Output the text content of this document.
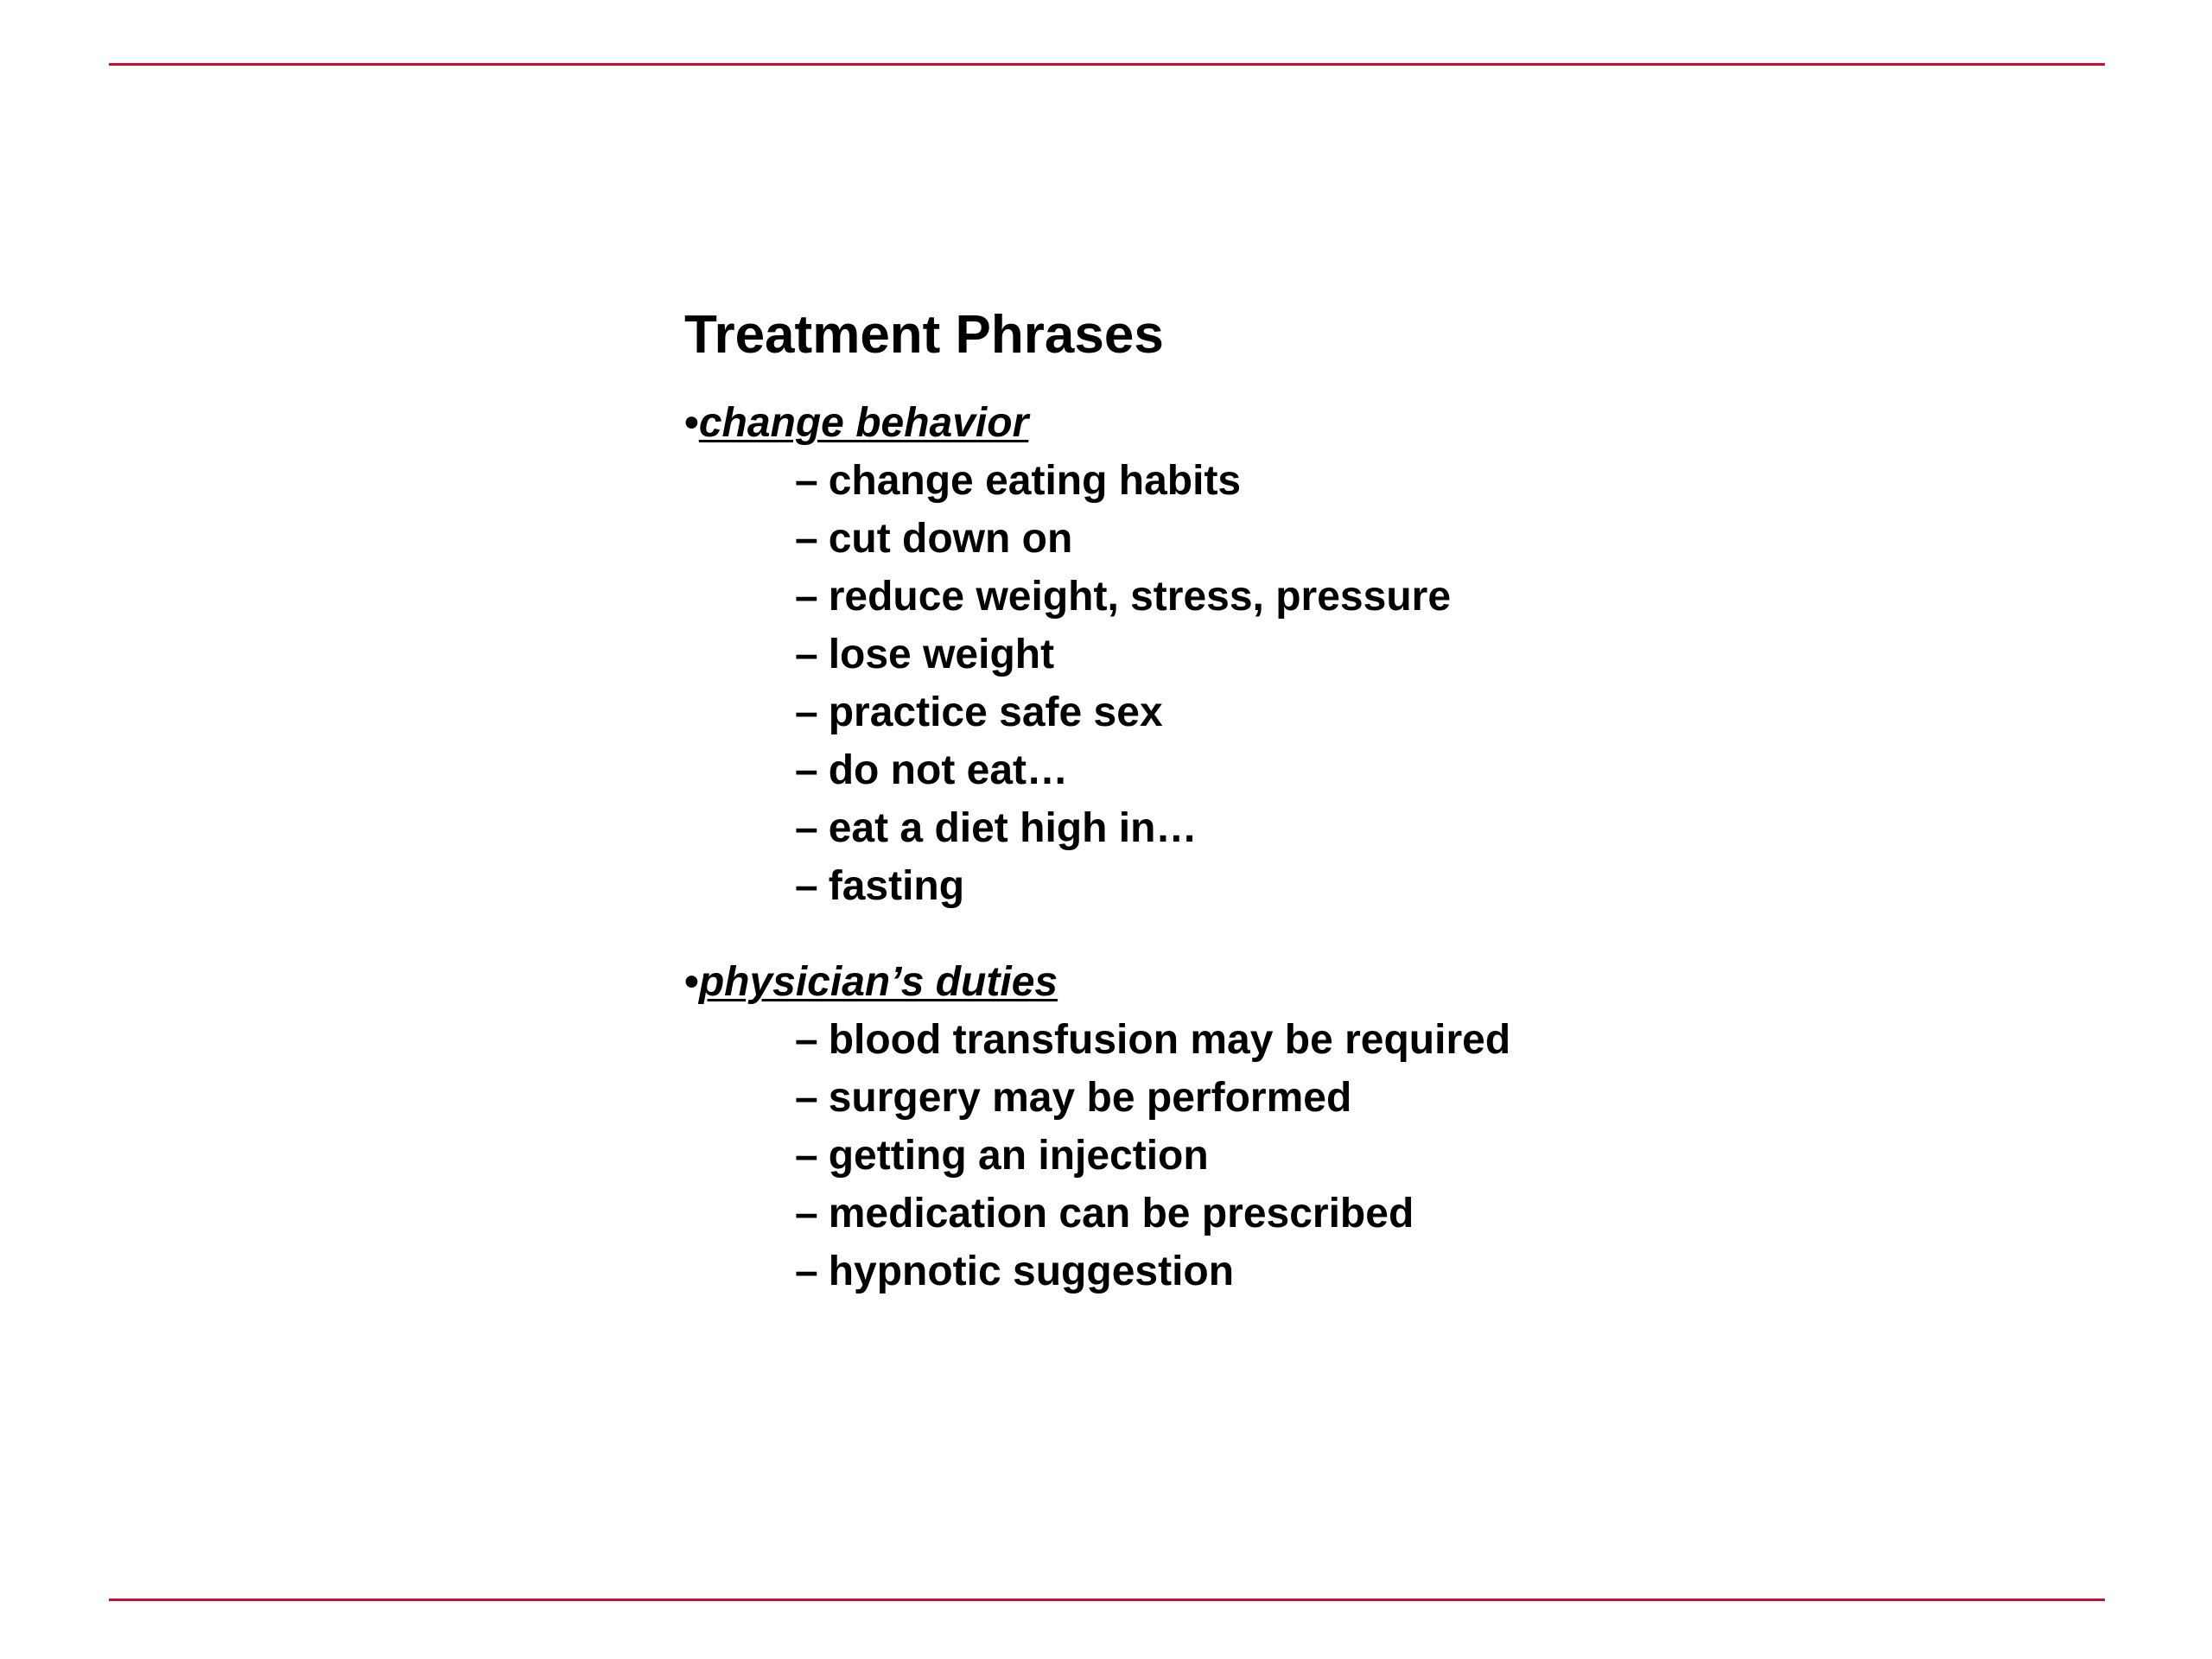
Treatment Phrases
•change behavior
– change eating habits
– cut down on
– reduce weight, stress, pressure
– lose weight
– practice safe sex
– do not eat…
– eat a diet high in…
– fasting
•physician’s duties
– blood transfusion may be required
– surgery may be performed
– getting an injection
– medication can be prescribed
– hypnotic suggestion
